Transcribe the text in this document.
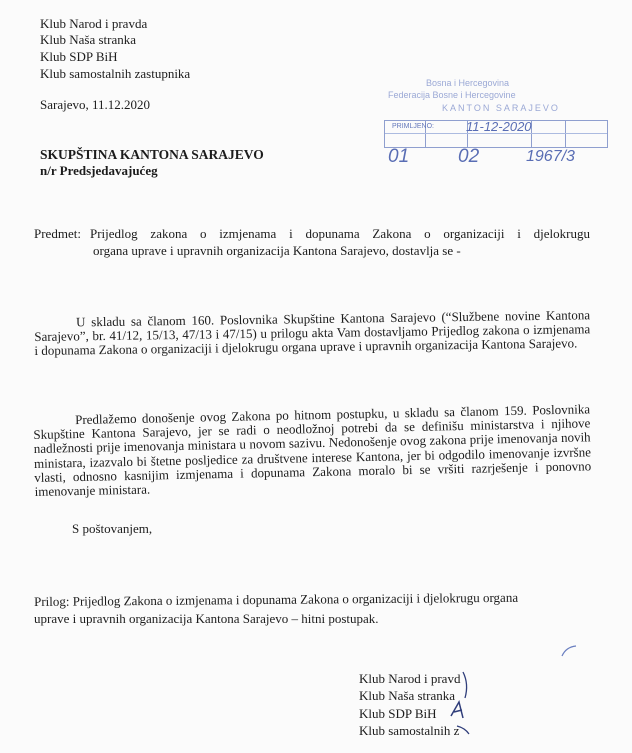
Klub Narod i pravda
Klub Naša stranka
Klub SDP BiH
Klub samostalnih zastupnika
Sarajevo, 11.12.2020
SKUPŠTINA KANTONA SARAJEVO
n/r Predsjedavajućeg
Bosna i Hercegovina
Federacija Bosne i Hercegovine
KANTON SARAJEVO
PRIMLJENO: 11-12-2020
01	02	1967/3
Predmet: Prijedlog zakona o izmjenama i dopunama Zakona o organizaciji i djelokrugu
organa uprave i upravnih organizacija Kantona Sarajevo, dostavlja se -
U skladu sa članom 160. Poslovnika Skupštine Kantona Sarajevo (“Službene novine Kantona Sarajevo”, br. 41/12, 15/13, 47/13 i 47/15) u prilogu akta Vam dostavljamo Prijedlog zakona o izmjenama i dopunama Zakona o organizaciji i djelokrugu organa uprave i upravnih organizacija Kantona Sarajevo.
Predlažemo donošenje ovog Zakona po hitnom postupku, u skladu sa članom 159. Poslovnika Skupštine Kantona Sarajevo, jer se radi o neodložnoj potrebi da se definišu ministarstva i njihove nadležnosti prije imenovanja ministara u novom sazivu. Nedonošenje ovog zakona prije imenovanja novih ministara, izazvalo bi štetne posljedice za društvene interese Kantona, jer bi odgodilo imenovanje izvršne vlasti, odnosno kasnijim izmjenama i dopunama Zakona moralo bi se vršiti razrješenje i ponovno imenovanje ministara.
S poštovanjem,
Prilog: Prijedlog Zakona o izmjenama i dopunama Zakona o organizaciji i djelokrugu organa
uprave i upravnih organizacija Kantona Sarajevo – hitni postupak.
Klub Narod i pravd
Klub Naša stranka
Klub SDP BiH
Klub samostalnih z
